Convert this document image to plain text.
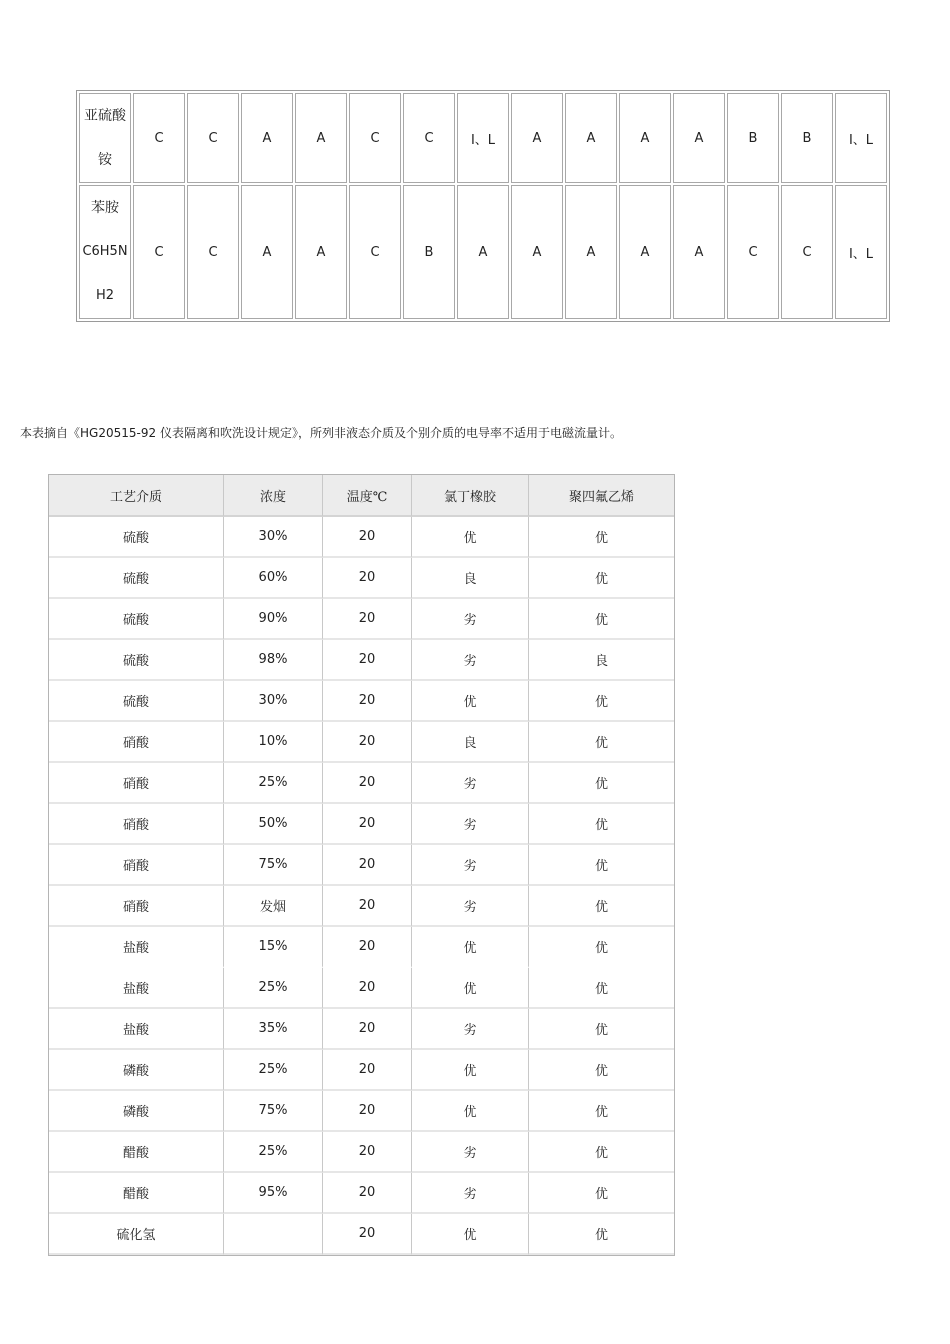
亚硫酸
铵	C	C	A	A	C	C	I、L	A	A	A	A	B	B	I、L

苯胺
C6H5N
H2	C	C	A	A	C	B	A	A	A	A	A	C	C	I、L
本表摘自《HG20515-92 仪表隔离和吹洗设计规定》，所列非液态介质及个别介质的电导率不适用于电磁流量计。
工艺介质	浓度	温度℃	氯丁橡胶	聚四氟乙烯
硫酸	30%	20	优	优
硫酸	60%	20	良	优
硫酸	90%	20	劣	优
硫酸	98%	20	劣	良
硫酸	30%	20	优	优
硝酸	10%	20	良	优
硝酸	25%	20	劣	优
硝酸	50%	20	劣	优
硝酸	75%	20	劣	优
硝酸	发烟	20	劣	优
盐酸	15%	20	优	优
盐酸	25%	20	优	优
盐酸	35%	20	劣	优
磷酸	25%	20	优	优
磷酸	75%	20	优	优
醋酸	25%	20	劣	优
醋酸	95%	20	劣	优
硫化氢		20	优	优
